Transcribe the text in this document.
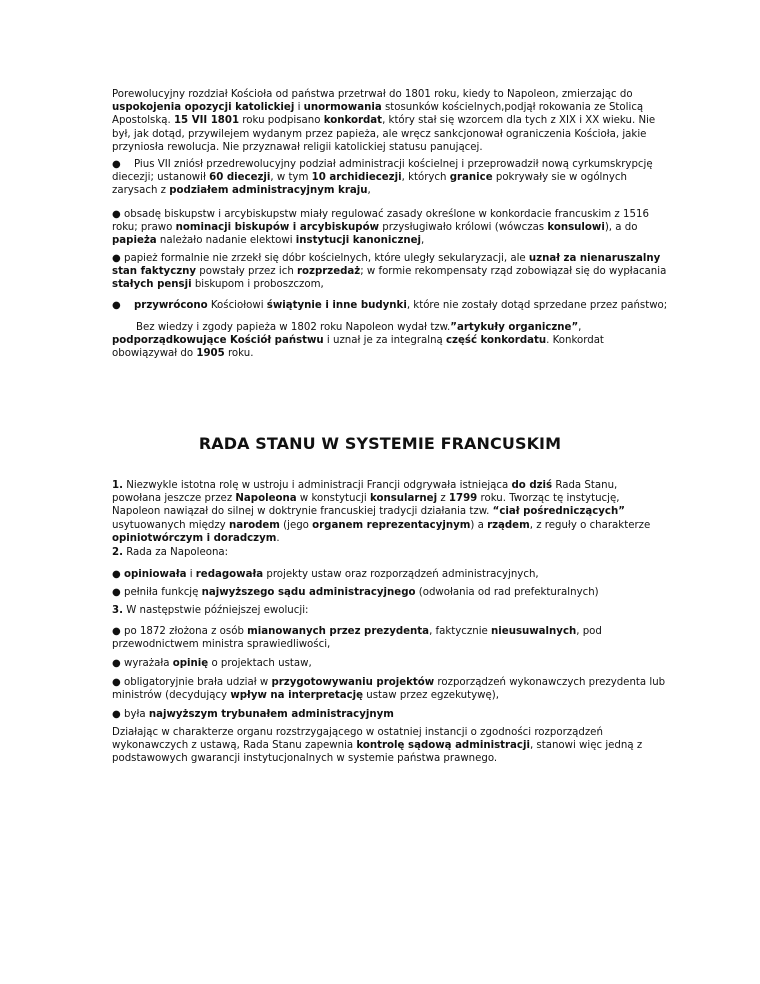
Porewolucyjny rozdział Kościoła od państwa przetrwał do 1801 roku, kiedy to Napoleon, zmierzając do uspokojenia opozycji katolickiej i unormowania stosunków kościelnych,podjął rokowania ze Stolicą Apostolską. 15 VII 1801 roku podpisano konkordat, który stał się wzorcem dla tych z XIX i XX wieku. Nie był, jak dotąd, przywilejem wydanym przez papieża, ale wręcz sankcjonował ograniczenia Kościoła, jakie przyniosła rewolucja. Nie przyznawał religii katolickiej statusu panującej.

●	Pius VII zniósł przedrewolucyjny podział administracji kościelnej i przeprowadził nową cyrkumskrypcję diecezji; ustanowił 60 diecezji, w tym 10 archidiecezji, których granice pokrywały sie w ogólnych zarysach z podziałem administracyjnym kraju,

● obsadę biskupstw i arcybiskupstw miały regulować zasady określone w konkordacie francuskim z 1516 roku; prawo nominacji biskupów i arcybiskupów przysługiwało królowi (wówczas konsulowi), a do papieża należało nadanie elektowi instytucji kanonicznej,

● papież formalnie nie zrzekł się dóbr kościelnych, które uległy sekularyzacji, ale uznał za nienaruszalny stan faktyczny powstały przez ich rozprzedaż; w formie rekompensaty rząd zobowiązał się do wypłacania stałych pensji biskupom i proboszczom,

●	przywrócono Kościołowi świątynie i inne budynki, które nie zostały dotąd sprzedane przez państwo;

Bez wiedzy i zgody papieża w 1802 roku Napoleon wydał tzw.”artykuły organiczne”, podporządkowujące Kościół państwu i uznał je za integralną część konkordatu. Konkordat obowiązywał do 1905 roku.

RADA STANU W SYSTEMIE FRANCUSKIM

1. Niezwykle istotna rolę w ustroju i administracji Francji odgrywała istniejąca do dziś Rada Stanu, powołana jeszcze przez Napoleona w konstytucji konsularnej z 1799 roku. Tworząc tę instytucję, Napoleon nawiązał do silnej w doktrynie francuskiej tradycji działania tzw. “ciał pośredniczących” usytuowanych między narodem (jego organem reprezentacyjnym) a rządem, z reguły o charakterze opiniotwórczym i doradczym.

2. Rada za Napoleona:

● opiniowała i redagowała projekty ustaw oraz rozporządzeń administracyjnych,

● pełniła funkcję najwyższego sądu administracyjnego (odwołania od rad prefekturalnych)

3. W następstwie późniejszej ewolucji:

● po 1872 złożona z osób mianowanych przez prezydenta, faktycznie nieusuwalnych, pod przewodnictwem ministra sprawiedliwości,

● wyrażała opinię o projektach ustaw,

● obligatoryjnie brała udział w przygotowywaniu projektów rozporządzeń wykonawczych prezydenta lub ministrów (decydujący wpływ na interpretację ustaw przez egzekutywę),

● była najwyższym trybunałem administracyjnym

Działając w charakterze organu rozstrzygającego w ostatniej instancji o zgodności rozporządzeń wykonawczych z ustawą, Rada Stanu zapewnia kontrolę sądową administracji, stanowi więc jedną z podstawowych gwarancji instytucjonalnych w systemie państwa prawnego.
